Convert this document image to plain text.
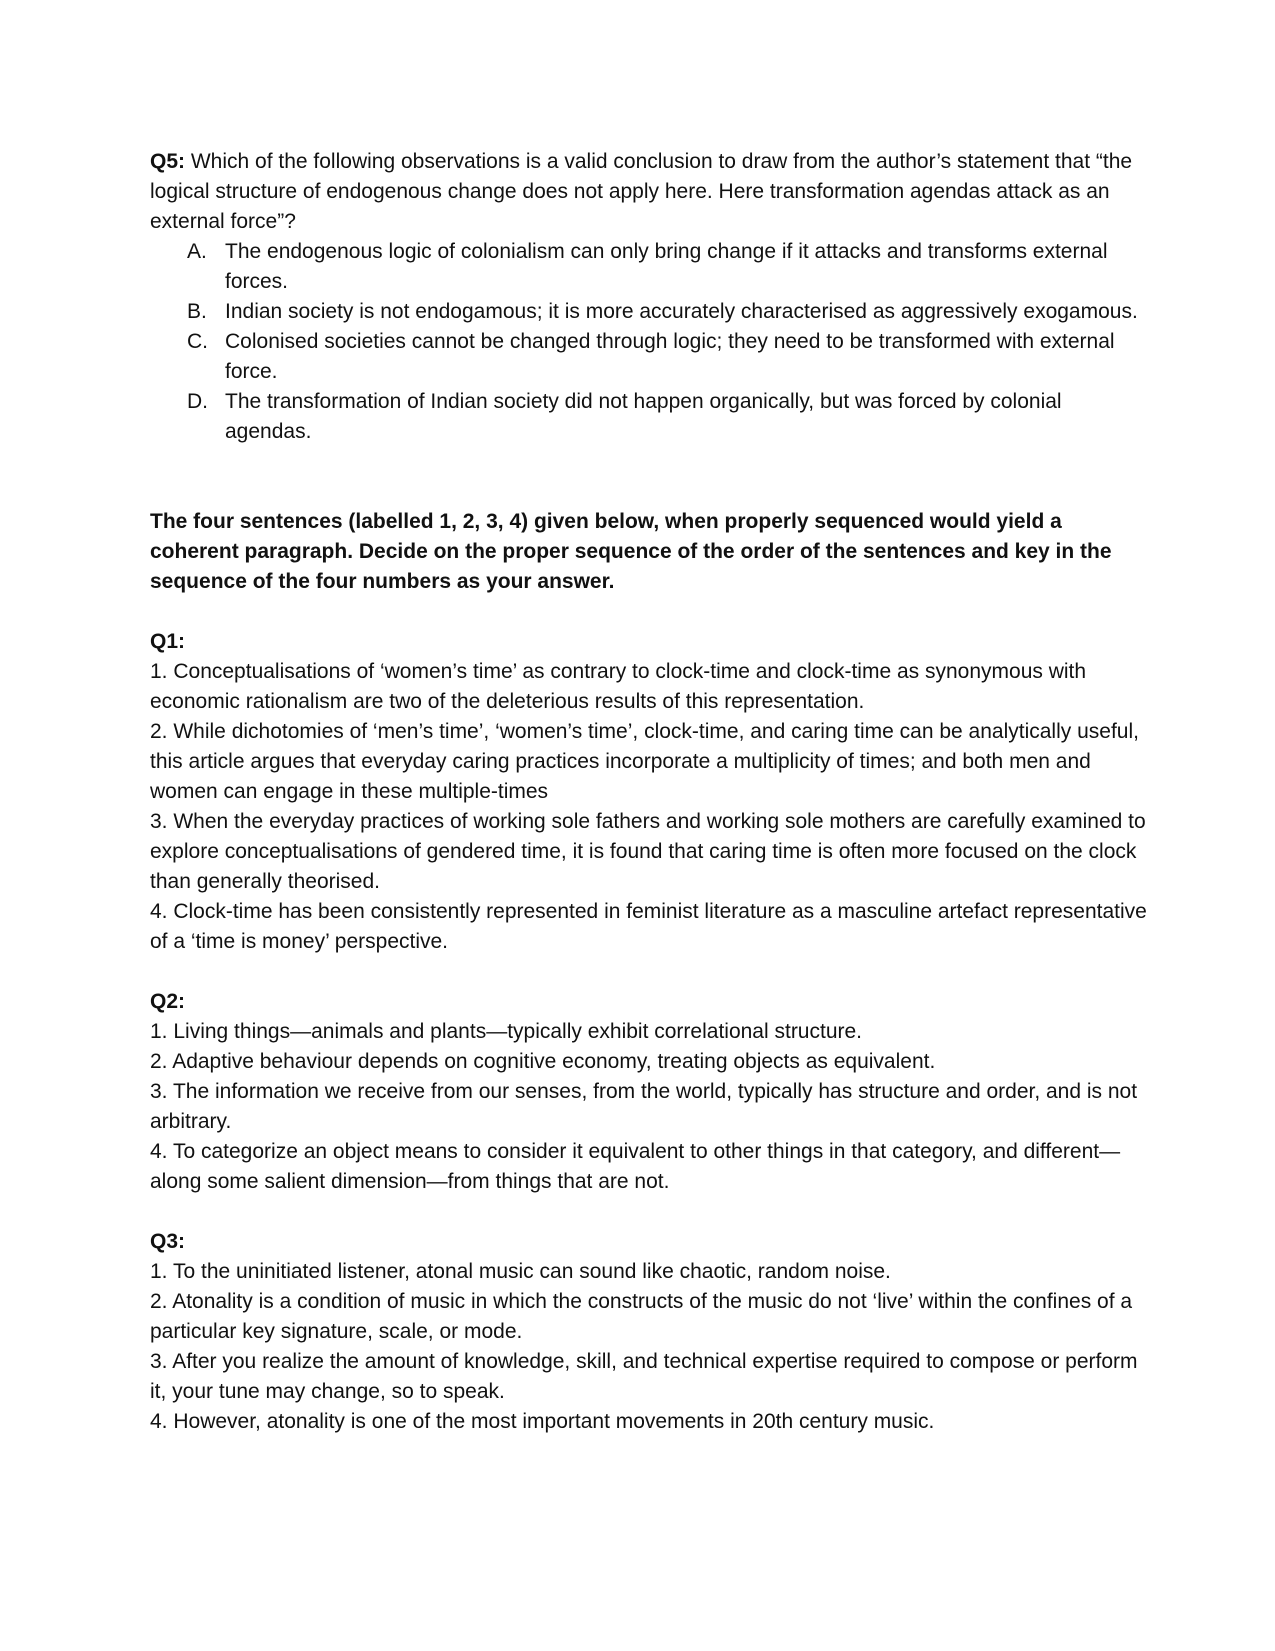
Q5: Which of the following observations is a valid conclusion to draw from the author’s statement that “the logical structure of endogenous change does not apply here. Here transformation agendas attack as an external force”?

A. The endogenous logic of colonialism can only bring change if it attacks and transforms external forces.
B. Indian society is not endogamous; it is more accurately characterised as aggressively exogamous.
C. Colonised societies cannot be changed through logic; they need to be transformed with external force.
D. The transformation of Indian society did not happen organically, but was forced by colonial agendas.

The four sentences (labelled 1, 2, 3, 4) given below, when properly sequenced would yield a coherent paragraph. Decide on the proper sequence of the order of the sentences and key in the sequence of the four numbers as your answer.

Q1:

1. Conceptualisations of ‘women’s time’ as contrary to clock-time and clock-time as synonymous with economic rationalism are two of the deleterious results of this representation.

2. While dichotomies of ‘men’s time’, ‘women’s time’, clock-time, and caring time can be analytically useful, this article argues that everyday caring practices incorporate a multiplicity of times; and both men and women can engage in these multiple-times

3. When the everyday practices of working sole fathers and working sole mothers are carefully examined to explore conceptualisations of gendered time, it is found that caring time is often more focused on the clock than generally theorised.

4. Clock-time has been consistently represented in feminist literature as a masculine artefact representative of a ‘time is money’ perspective.

Q2:

1. Living things—animals and plants—typically exhibit correlational structure.

2. Adaptive behaviour depends on cognitive economy, treating objects as equivalent.

3. The information we receive from our senses, from the world, typically has structure and order, and is not arbitrary.

4. To categorize an object means to consider it equivalent to other things in that category, and different—along some salient dimension—from things that are not.

Q3:

1. To the uninitiated listener, atonal music can sound like chaotic, random noise.

2. Atonality is a condition of music in which the constructs of the music do not ‘live’ within the confines of a particular key signature, scale, or mode.

3. After you realize the amount of knowledge, skill, and technical expertise required to compose or perform it, your tune may change, so to speak.

4. However, atonality is one of the most important movements in 20th century music.
